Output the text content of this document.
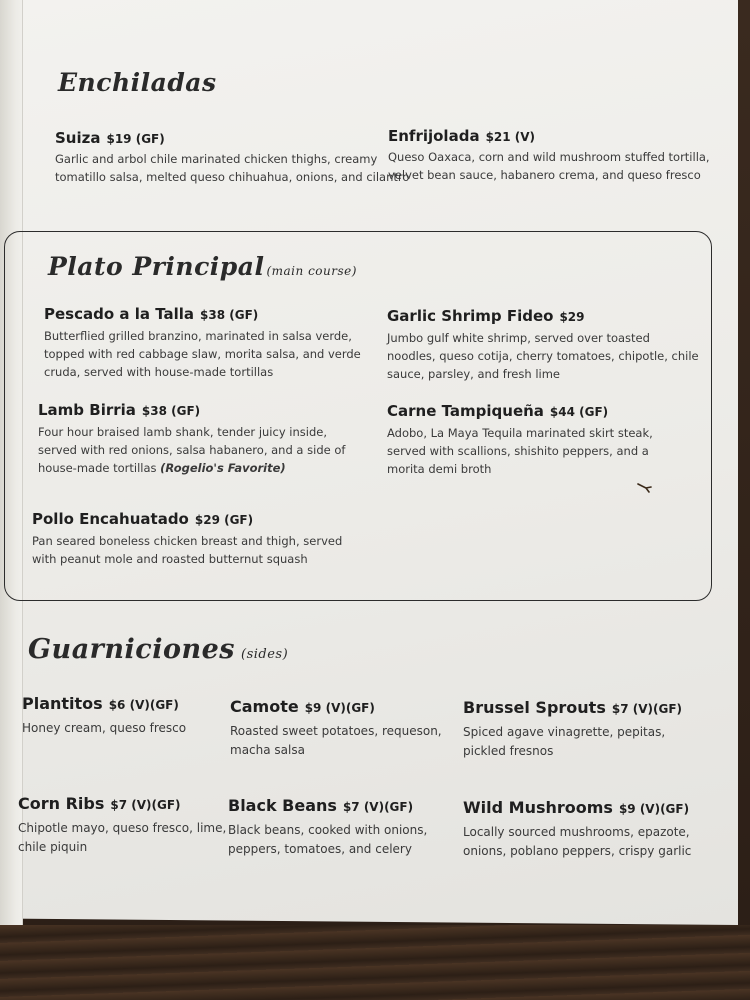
Enchiladas
Suiza $19 (GF)
Garlic and arbol chile marinated chicken thighs, creamy
tomatillo salsa, melted queso chihuahua, onions, and cilantro
Enfrijolada $21 (V)
Queso Oaxaca, corn and wild mushroom stuffed tortilla,
velvet bean sauce, habanero crema, and queso fresco
Plato Principal (main course)
Pescado a la Talla $38 (GF)
Butterflied grilled branzino, marinated in salsa verde,
topped with red cabbage slaw, morita salsa, and verde
cruda, served with house-made tortillas
Garlic Shrimp Fideo $29
Jumbo gulf white shrimp, served over toasted
noodles, queso cotija, cherry tomatoes, chipotle, chile
sauce, parsley, and fresh lime
Lamb Birria $38 (GF)
Four hour braised lamb shank, tender juicy inside,
served with red onions, salsa habanero, and a side of
house-made tortillas (Rogelio's Favorite)
Carne Tampiqueña $44 (GF)
Adobo, La Maya Tequila marinated skirt steak,
served with scallions, shishito peppers, and a
morita demi broth
Pollo Encahuatado $29 (GF)
Pan seared boneless chicken breast and thigh, served
with peanut mole and roasted butternut squash
Guarniciones (sides)
Plantitos $6 (V)(GF)
Honey cream, queso fresco
Camote $9 (V)(GF)
Roasted sweet potatoes, requeson,
macha salsa
Brussel Sprouts $7 (V)(GF)
Spiced agave vinagrette, pepitas,
pickled fresnos
Corn Ribs $7 (V)(GF)
Chipotle mayo, queso fresco, lime,
chile piquin
Black Beans $7 (V)(GF)
Black beans, cooked with onions,
peppers, tomatoes, and celery
Wild Mushrooms $9 (V)(GF)
Locally sourced mushrooms, epazote,
onions, poblano peppers, crispy garlic
